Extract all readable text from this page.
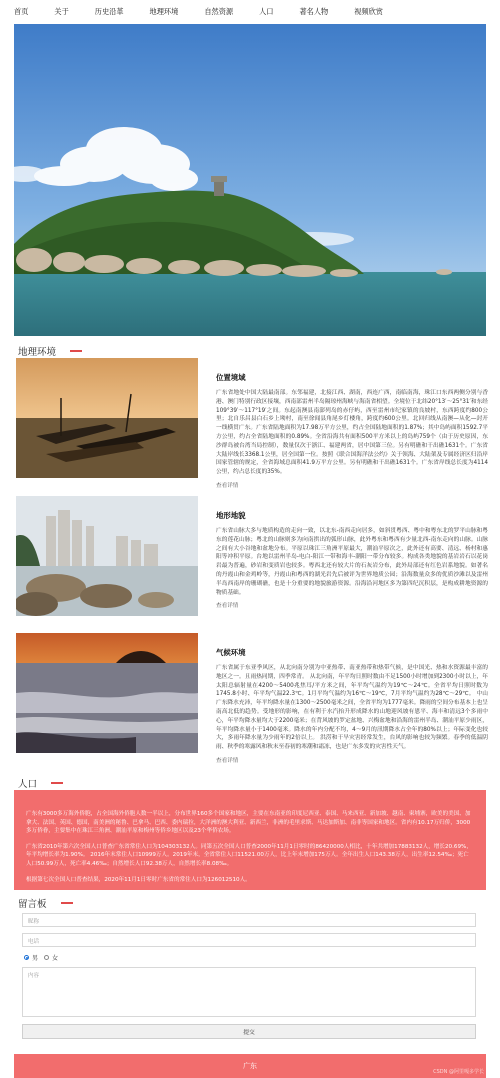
首页	关于	历史沿革	地理环境	自然资源	人口	著名人物	视频欣赏
地理环境
位置境域

广东省地处中国大陆最南部。东邻福建，北接江西、湖南，西连广西，南临南海，珠江口东西两侧分别与香港、澳门特别行政区接壤，西南部雷州半岛隔琼州海峡与海南省相望。全境位于北纬20°13′～25°31′和东经109°39′～117°19′之间。东起南澳县南澎列岛的赤仔屿，西至雷州市纪家镇的良坡村，东西跨度约800公里；北自乐昌县白石乡上坳村，南至徐闻县角尾乡灯楼角，跨度约600公里。北回归线从南澳—从化—封开一线横贯广东。广东省陆地面积为17.98万平方公里，约占全国陆地面积的1.87%；其中岛屿面积1592.7平方公里，约占全省陆地面积的0.89%。全省沿海共有面积500平方米以上的岛屿759个（由于历史原因，东沙群岛被台湾当局控制），数量仅次于浙江、福建两省，居中国第三位。另有明礁和干出礁1631个。广东省大陆岸线长3368.1公里，居全国第一位。按照《联合国海洋法公约》关于领海、大陆架及专属经济区归沿岸国家管辖的规定，全省海域总面积41.9万平方公里。另有明礁和干出礁1631个。广东省岸线总长度为4114公里，约占总长度的35%。

查看详情
地形地貌

广东省山脉大多与地质构造的走向一致，以北东-南西走向居多，如斜贯粤西、粤中和粤东北的罗平山脉和粤东的莲花山脉；粤北的山脉则多为向南拱出的弧形山脉，此外粤东和粤西有少量北西-南东走向的山脉。山脉之间有大小谷地和盆地分布。平原以珠江三角洲平原最大，潮汕平原次之，此外还有高要、清远、杨村和惠阳等冲积平原。台地以雷州半岛-电白-阳江一带和海丰-潮阳一带分布较多。构成各类地貌的基岩岩石以花岗岩最为普遍，砂岩和变质岩也较多。粤西北还有较大片的石灰岩分布，此外局部还有红色岩系地貌。如著名的丹霞山和金鸡岭等，丹霞山和粤西的湖光岩先后被评为世界地质公园；沿海数量众多的优质沙滩以及雷州半岛西南岸的珊瑚礁，也是十分重要的地貌旅游资源。沿海沿河地区多为第四纪沉积层，是构成耕地资源的物质基础。

查看详情
气候环境

广东省属于东亚季风区，从北向南分别为中亚热带、南亚热带和热带气候，是中国光、热和水资源最丰富的地区之一。且雨热同期，四季常青。 从北向南，年平均日照时数由不足1500小时增加到2300小时以上，年太阳总辐射量在4200～5400兆焦耳/平方米之间，年平均气温约为19℃～24℃。全省平均日照时数为1745.8小时、年平均气温22.3℃。1月平均气温约为16℃～19℃，7月平均气温约为28℃～29℃。 中山广东降水充沛，年平均降水量在1300～2500毫米之间，全省平均为1777毫米。降雨的空间分布基本上也呈南高北低的趋势。受地形的影响，在有利于水汽抬升形成降水的山地迎风坡有恩平、海丰和清远3个多雨中心，年平均降水量均大于2200毫米；在背风坡的罗定盆地、兴梅盆地和沿海的雷州半岛、潮汕平原少雨区，年平均降水量小于1400毫米。降水的年内分配不均，4～9月的汛期降水占全年的80%以上；年际变化也较大，多雨年降水量为少雨年的2倍以上。 洪涝和干旱灾害经常发生，台风的影响也较为频繁。春季的低温阴雨、秋季的寒露风和秋末至春初的寒潮和霜冻，也是广东多发的灾害性天气。

查看详情
人口

广东有3000多万海外侨胞，占全国海外侨胞人数一半以上，分布世界160多个国家和地区，主要在东南亚的印度尼西亚、泰国、马来西亚、新加坡、越南、柬埔寨，欧美的美国、加拿大、法国、英国、德国，南美洲的秘鲁、巴拿马、巴西、委内瑞拉，大洋洲的澳大利亚、新西兰，非洲的毛里求斯、马达加斯加、南非等国家和地区。省内有10.17万归侨，3000多万侨眷，主要集中在珠江三角洲、潮汕平原和梅州等侨乡地区以及23个华侨农场。

广东省2010年第六次全国人口普查广东省常住人口为104303132人。同第五次全国人口普查2000年11月1日零时的86420000人相比，十年共增加17883132人，增长20.69%，年平均增长率为1.90%。 2016年末常住人口10999万人。2019年末，全省常住人口11521.00万人，比上年末增加175万人。全年出生人口143.38万人，出生率12.54‰；死亡人口50.99万人，死亡率4.46‰；自然增长人口92.38万人，自然增长率8.08‰。

根据第七次全国人口普查结果，2020年11月1日零时广东省的常住人口为126012510人。

留言板
昵称
电话
男 女
内容
提交
广东
CSDN @阿里嘎多学长
